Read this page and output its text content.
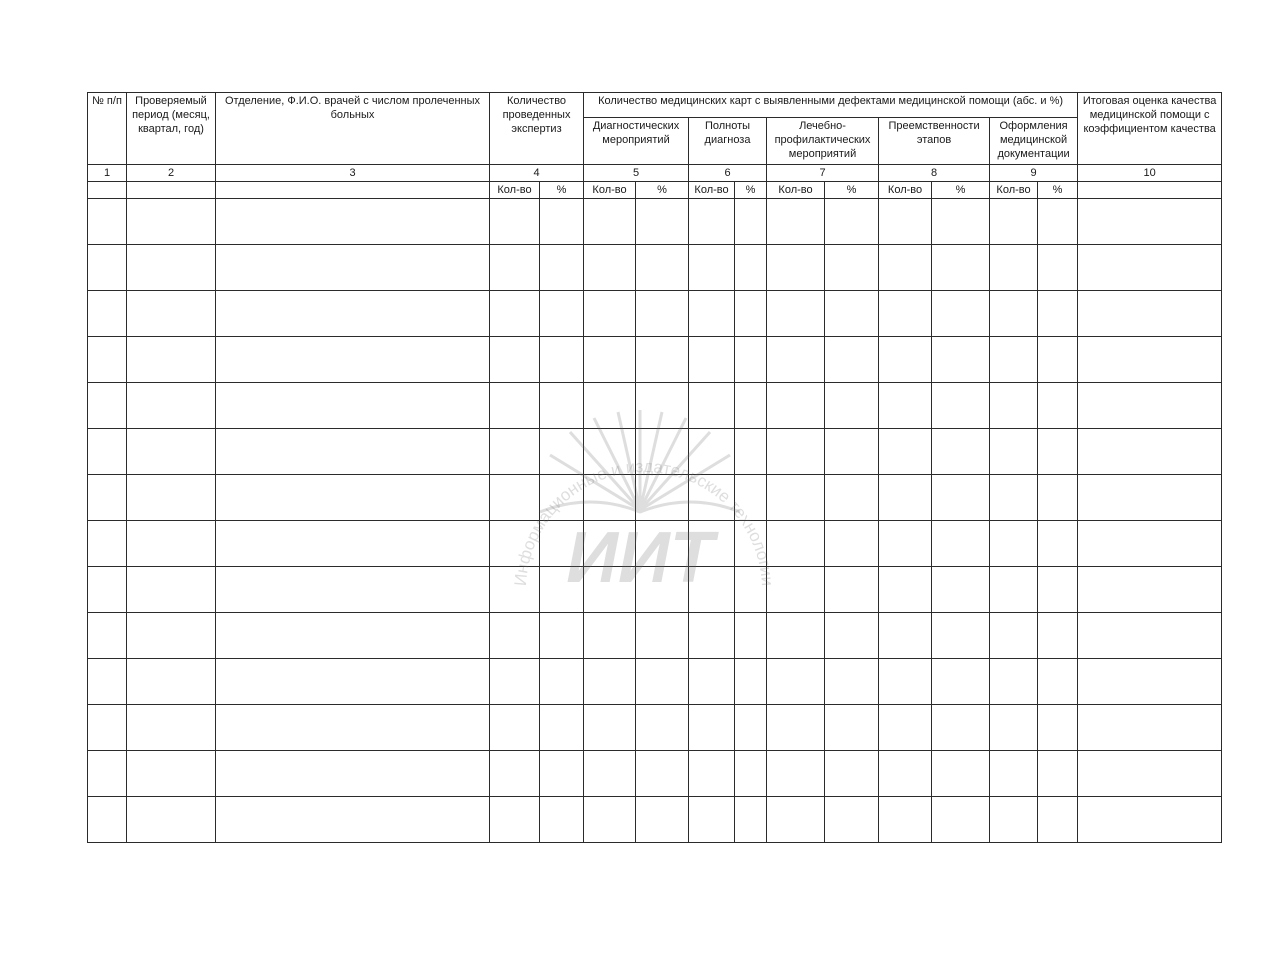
№ п/п	Проверяемый период (месяц, квартал, год)	Отделение, Ф.И.О. врачей с числом пролеченных больных	Количество проведенных экспертиз		Количество медицинских карт с выявленными дефектами медицинской помощи (абс. и %)										Итоговая оценка качества медицинской помощи с коэффициентом качества
					Диагностических мероприятий		Полноты диагноза		Лечебно-профилактических мероприятий		Преемственности этапов		Оформления медицинской документации		
1	2	3	4		5		6		7		8		9		10
			Кол-во	%	Кол-во	%	Кол-во	%	Кол-во	%	Кол-во	%	Кол-во	%	

Информационные и издательские технологии
ИИТ
